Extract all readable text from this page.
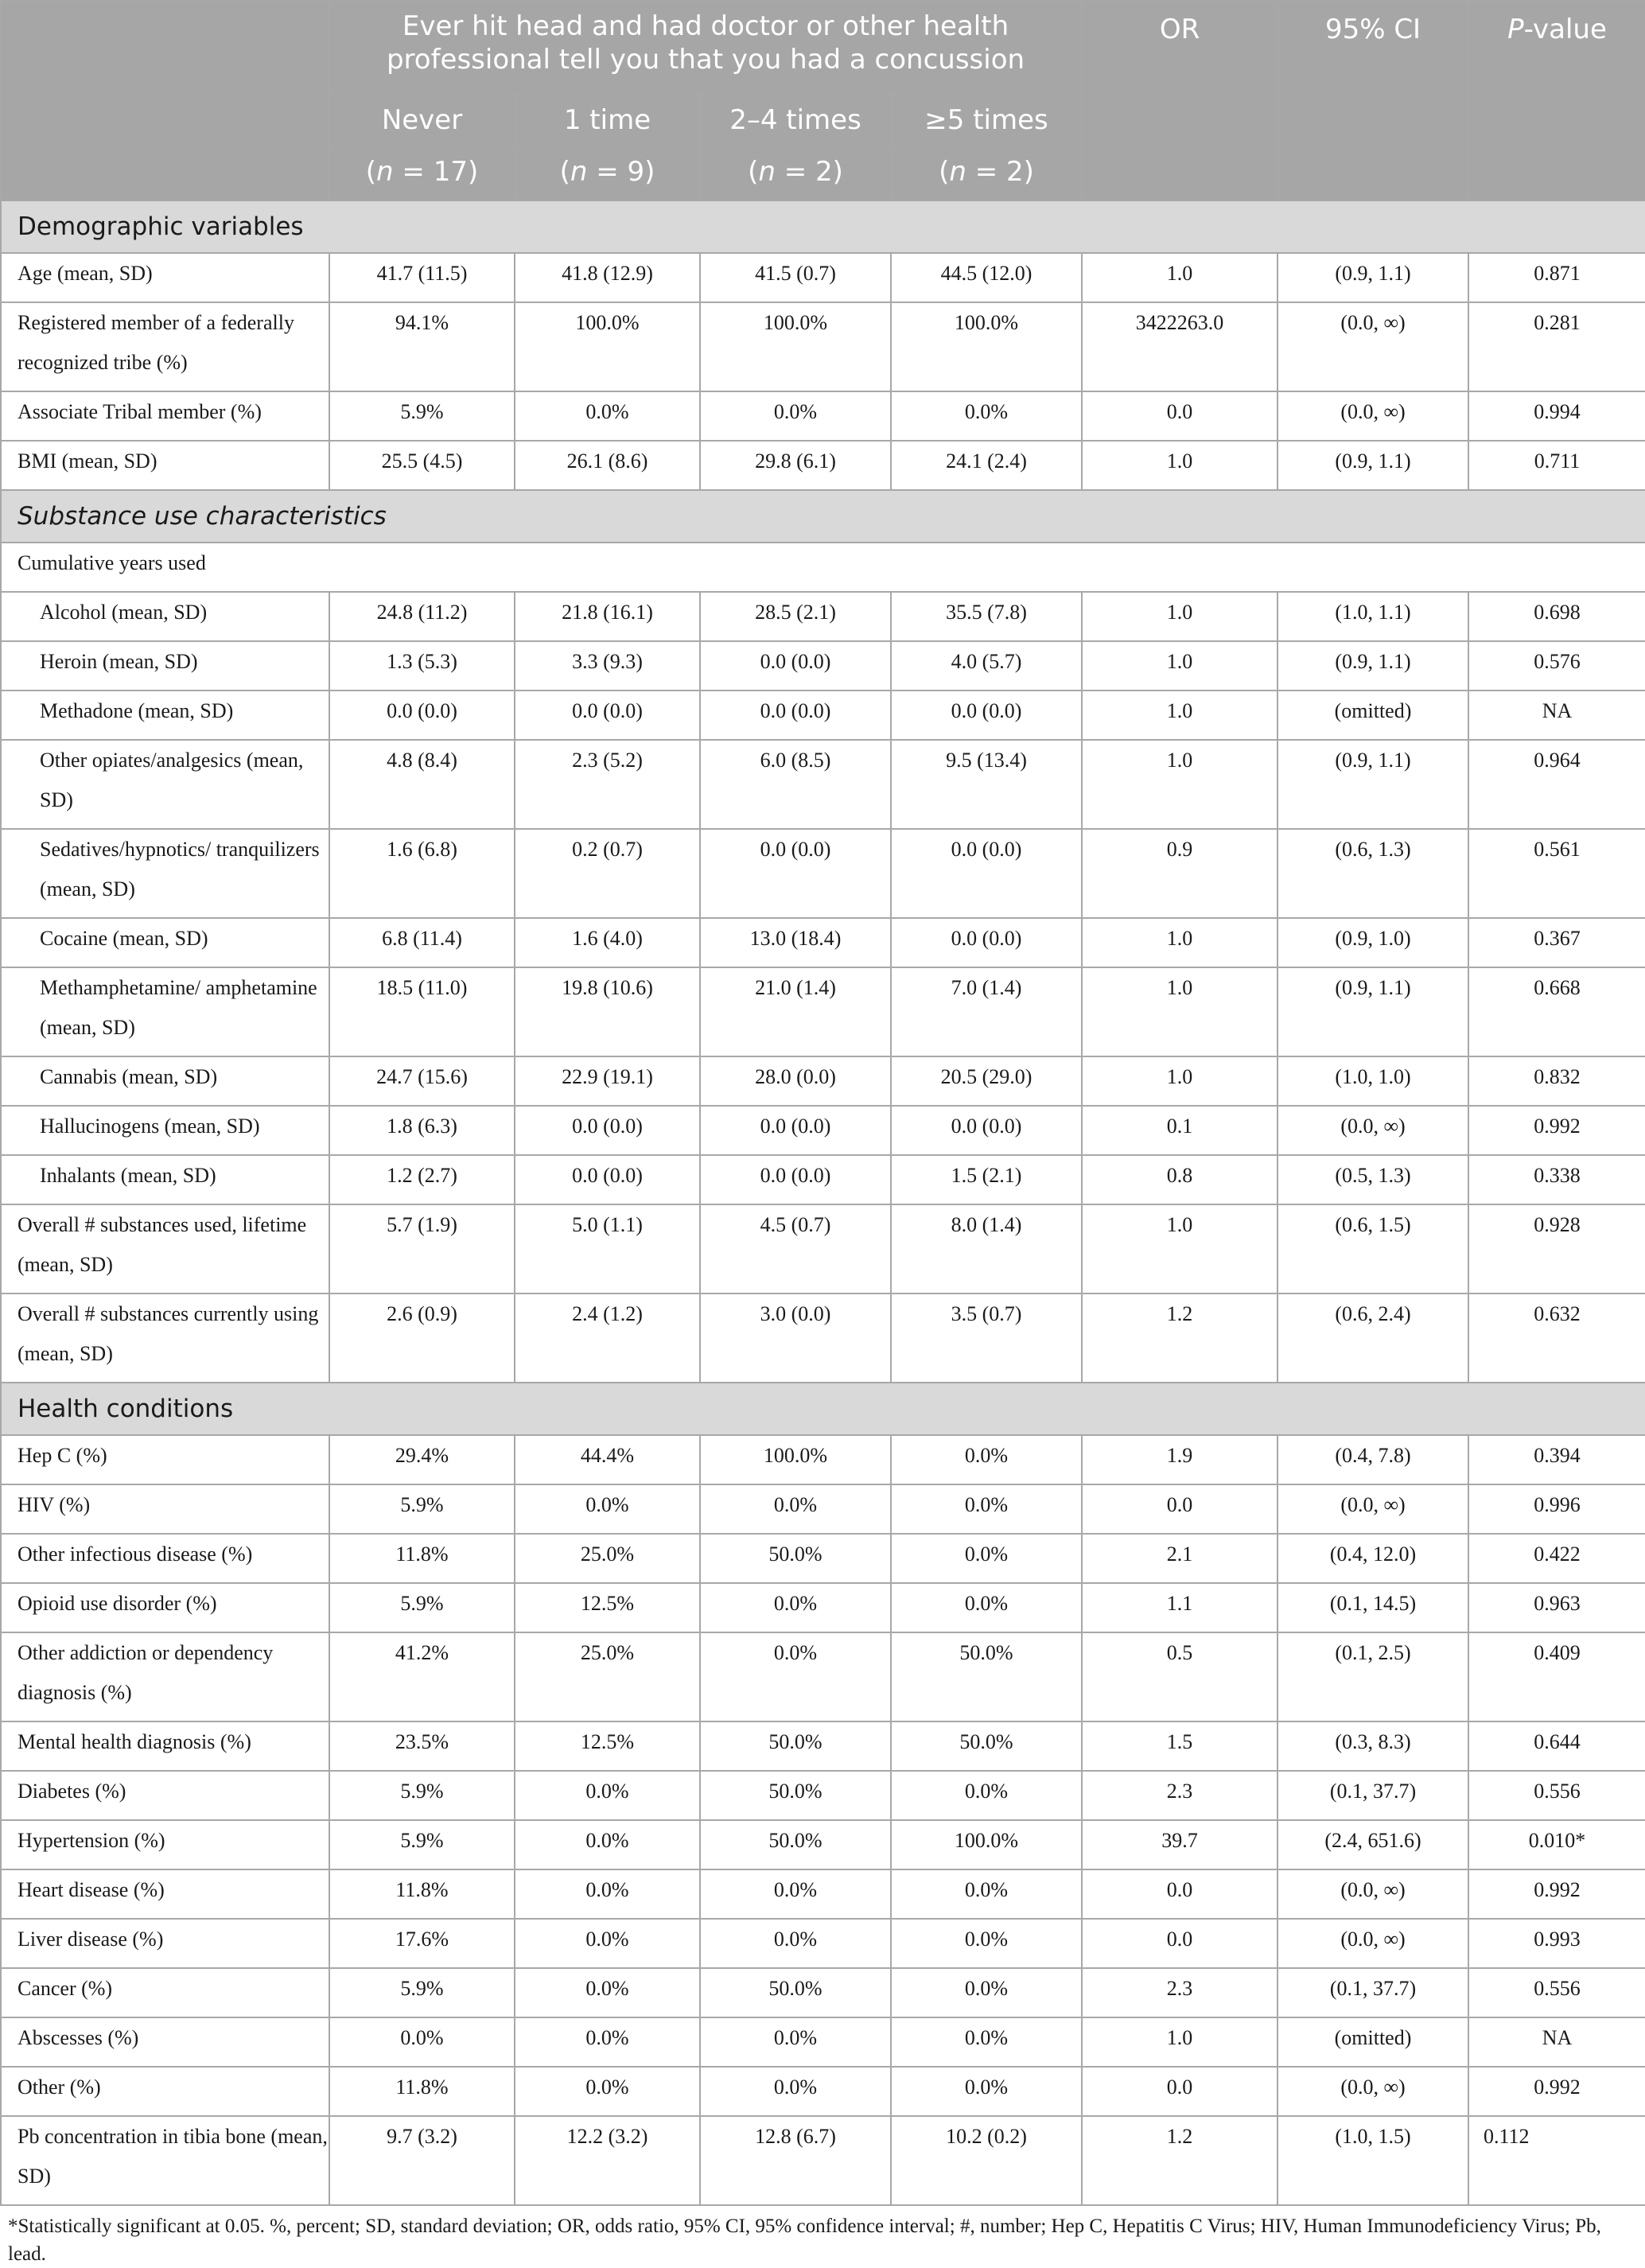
	Ever hit head and had doctor or other health professional tell you that you had a concussion				OR	95% CI	P-value
	Never	1 time	2–4 times	≥5 times			
	(n = 17)	(n = 9)	(n = 2)	(n = 2)			
Demographic variables							
Age (mean, SD)	41.7 (11.5)	41.8 (12.9)	41.5 (0.7)	44.5 (12.0)	1.0	(0.9, 1.1)	0.871
Registered member of a federally recognized tribe (%)	94.1%	100.0%	100.0%	100.0%	3422263.0	(0.0, ∞)	0.281
Associate Tribal member (%)	5.9%	0.0%	0.0%	0.0%	0.0	(0.0, ∞)	0.994
BMI (mean, SD)	25.5 (4.5)	26.1 (8.6)	29.8 (6.1)	24.1 (2.4)	1.0	(0.9, 1.1)	0.711
Substance use characteristics							
Cumulative years used							
Alcohol (mean, SD)	24.8 (11.2)	21.8 (16.1)	28.5 (2.1)	35.5 (7.8)	1.0	(1.0, 1.1)	0.698
Heroin (mean, SD)	1.3 (5.3)	3.3 (9.3)	0.0 (0.0)	4.0 (5.7)	1.0	(0.9, 1.1)	0.576
Methadone (mean, SD)	0.0 (0.0)	0.0 (0.0)	0.0 (0.0)	0.0 (0.0)	1.0	(omitted)	NA
Other opiates/analgesics (mean, SD)	4.8 (8.4)	2.3 (5.2)	6.0 (8.5)	9.5 (13.4)	1.0	(0.9, 1.1)	0.964
Sedatives/hypnotics/ tranquilizers (mean, SD)	1.6 (6.8)	0.2 (0.7)	0.0 (0.0)	0.0 (0.0)	0.9	(0.6, 1.3)	0.561
Cocaine (mean, SD)	6.8 (11.4)	1.6 (4.0)	13.0 (18.4)	0.0 (0.0)	1.0	(0.9, 1.0)	0.367
Methamphetamine/ amphetamine (mean, SD)	18.5 (11.0)	19.8 (10.6)	21.0 (1.4)	7.0 (1.4)	1.0	(0.9, 1.1)	0.668
Cannabis (mean, SD)	24.7 (15.6)	22.9 (19.1)	28.0 (0.0)	20.5 (29.0)	1.0	(1.0, 1.0)	0.832
Hallucinogens (mean, SD)	1.8 (6.3)	0.0 (0.0)	0.0 (0.0)	0.0 (0.0)	0.1	(0.0, ∞)	0.992
Inhalants (mean, SD)	1.2 (2.7)	0.0 (0.0)	0.0 (0.0)	1.5 (2.1)	0.8	(0.5, 1.3)	0.338
Overall # substances used, lifetime (mean, SD)	5.7 (1.9)	5.0 (1.1)	4.5 (0.7)	8.0 (1.4)	1.0	(0.6, 1.5)	0.928
Overall # substances currently using (mean, SD)	2.6 (0.9)	2.4 (1.2)	3.0 (0.0)	3.5 (0.7)	1.2	(0.6, 2.4)	0.632
Health conditions							
Hep C (%)	29.4%	44.4%	100.0%	0.0%	1.9	(0.4, 7.8)	0.394
HIV (%)	5.9%	0.0%	0.0%	0.0%	0.0	(0.0, ∞)	0.996
Other infectious disease (%)	11.8%	25.0%	50.0%	0.0%	2.1	(0.4, 12.0)	0.422
Opioid use disorder (%)	5.9%	12.5%	0.0%	0.0%	1.1	(0.1, 14.5)	0.963
Other addiction or dependency diagnosis (%)	41.2%	25.0%	0.0%	50.0%	0.5	(0.1, 2.5)	0.409
Mental health diagnosis (%)	23.5%	12.5%	50.0%	50.0%	1.5	(0.3, 8.3)	0.644
Diabetes (%)	5.9%	0.0%	50.0%	0.0%	2.3	(0.1, 37.7)	0.556
Hypertension (%)	5.9%	0.0%	50.0%	100.0%	39.7	(2.4, 651.6)	0.010*
Heart disease (%)	11.8%	0.0%	0.0%	0.0%	0.0	(0.0, ∞)	0.992
Liver disease (%)	17.6%	0.0%	0.0%	0.0%	0.0	(0.0, ∞)	0.993
Cancer (%)	5.9%	0.0%	50.0%	0.0%	2.3	(0.1, 37.7)	0.556
Abscesses (%)	0.0%	0.0%	0.0%	0.0%	1.0	(omitted)	NA
Other (%)	11.8%	0.0%	0.0%	0.0%	0.0	(0.0, ∞)	0.992
Pb concentration in tibia bone (mean, SD)	9.7 (3.2)	12.2 (3.2)	12.8 (6.7)	10.2 (0.2)	1.2	(1.0, 1.5)	0.112
*Statistically significant at 0.05. %, percent; SD, standard deviation; OR, odds ratio, 95% CI, 95% confidence interval; #, number; Hep C, Hepatitis C Virus; HIV, Human Immunodeficiency Virus; Pb, lead.
